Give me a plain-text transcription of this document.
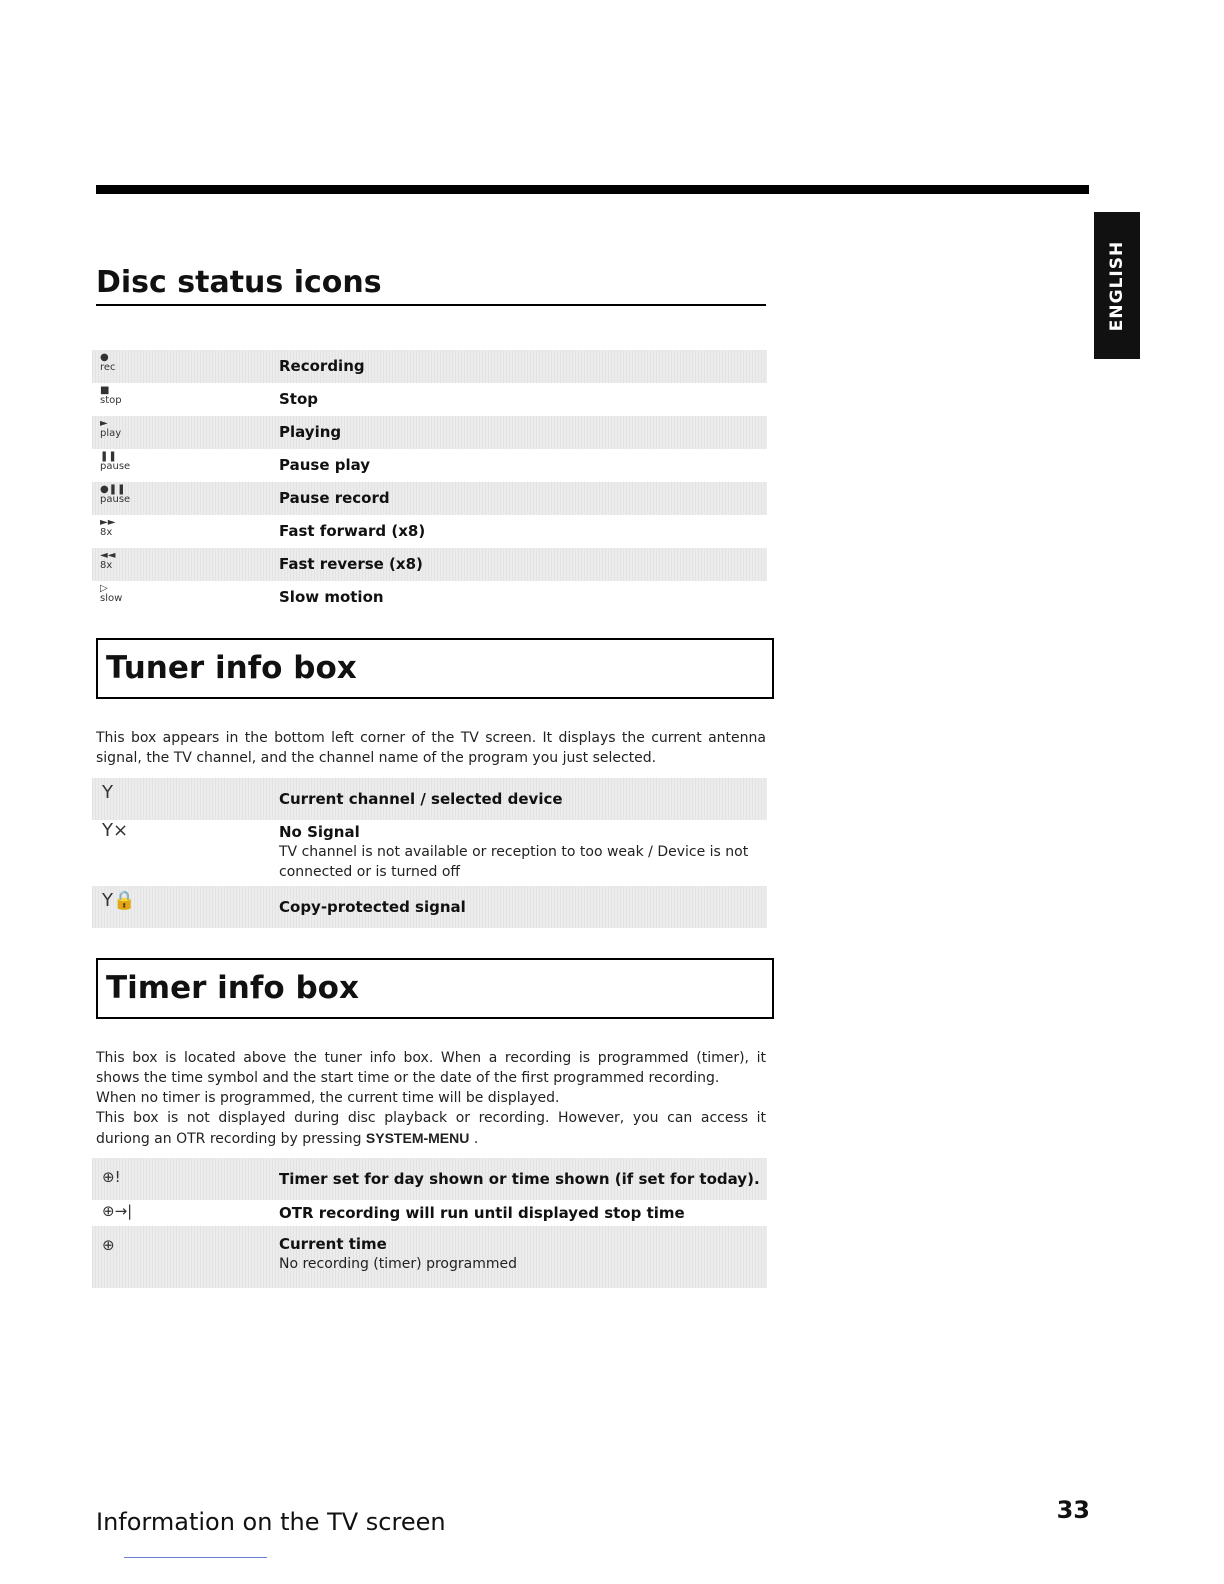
ENGLISH
Disc status icons
●
rec	Recording
■
stop	Stop
►
play	Playing
❚❚
pause	Pause play
●❚❚
pause	Pause record
►►
8x	Fast forward (x8)
◄◄
8x	Fast reverse (x8)
▷
slow	Slow motion
Tuner info box
This box appears in the bottom left corner of the TV screen. It displays the current antenna signal, the TV channel, and the channel name of the program you just selected.
Y	Current channel / selected device
Y×	No Signal
TV channel is not available or reception to too weak / Device is not connected or is turned off
Y🔒	Copy-protected signal
Timer info box
This box is located above the tuner info box. When a recording is programmed (timer), it shows the time symbol and the start time or the date of the first programmed recording.
When no timer is programmed, the current time will be displayed.
This box is not displayed during disc playback or recording. However, you can access it duriong an OTR recording by pressing SYSTEM-MENU .
⊕!	Timer set for day shown or time shown (if set for today).
⊕→|	OTR recording will run until displayed stop time
⊕	Current time
No recording (timer) programmed
Information on the TV screen	33
